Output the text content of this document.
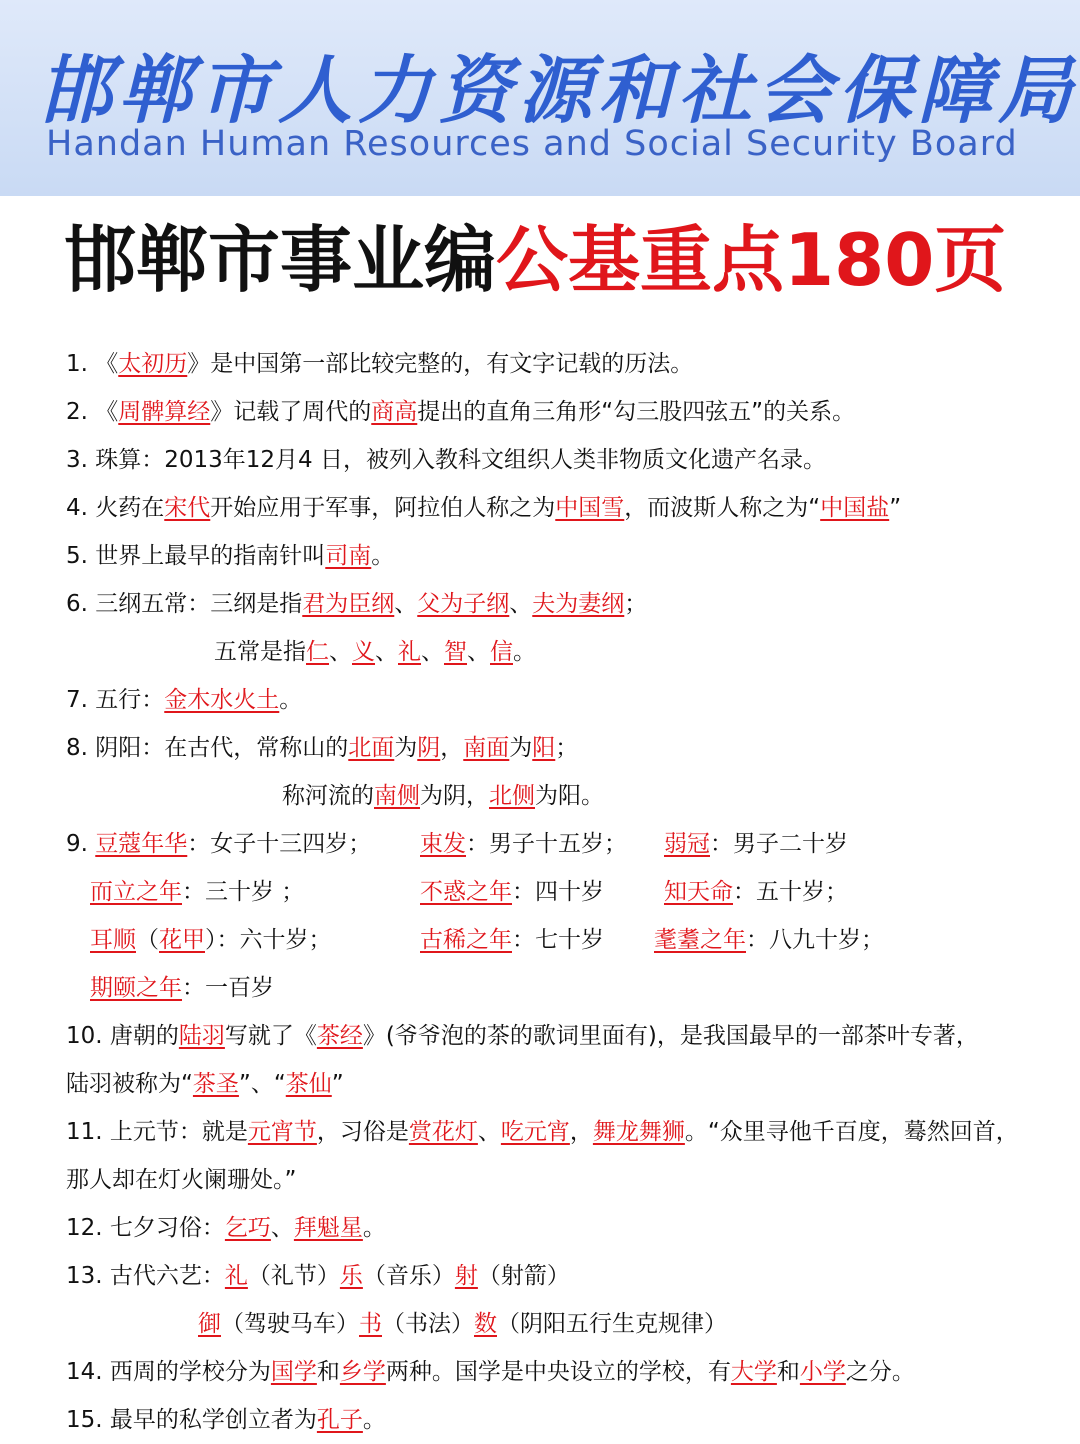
邯郸市人力资源和社会保障局
Handan Human Resources and Social Security Board
邯郸市事业编公基重点180页
1. 《太初历》是中国第一部比较完整的，有文字记载的历法。
2. 《周髀算经》记载了周代的商高提出的直角三角形“勾三股四弦五”的关系。
3. 珠算：2013年12月4 日，被列入教科文组织人类非物质文化遗产名录。
4. 火药在宋代开始应用于军事，阿拉伯人称之为中国雪，而波斯人称之为“中国盐”
5. 世界上最早的指南针叫司南。
6. 三纲五常：三纲是指君为臣纲、父为子纲、夫为妻纲；
五常是指仁、义、礼、智、信。
7. 五行：金木水火土。
8. 阴阳：在古代，常称山的北面为阴，南面为阳；
称河流的南侧为阴，北侧为阳。
9. 豆蔻年华：女子十三四岁； 束发：男子十五岁； 弱冠：男子二十岁
而立之年：三十岁 ；	不惑之年：四十岁	知天命：五十岁；
耳顺（花甲）：六十岁；	古稀之年：七十岁 耄耋之年：八九十岁；
期颐之年：一百岁
10. 唐朝的陆羽写就了《茶经》(爷爷泡的茶的歌词里面有)，是我国最早的一部茶叶专著，
陆羽被称为“茶圣”、“茶仙”
11. 上元节：就是元宵节，习俗是赏花灯、吃元宵，舞龙舞狮。“众里寻他千百度，蓦然回首，
那人却在灯火阑珊处。”
12. 七夕习俗：乞巧、拜魁星。
13. 古代六艺：礼（礼节）乐（音乐）射（射箭）
御（驾驶马车）书（书法）数（阴阳五行生克规律）
14. 西周的学校分为国学和乡学两种。国学是中央设立的学校，有大学和小学之分。
15. 最早的私学创立者为孔子。
